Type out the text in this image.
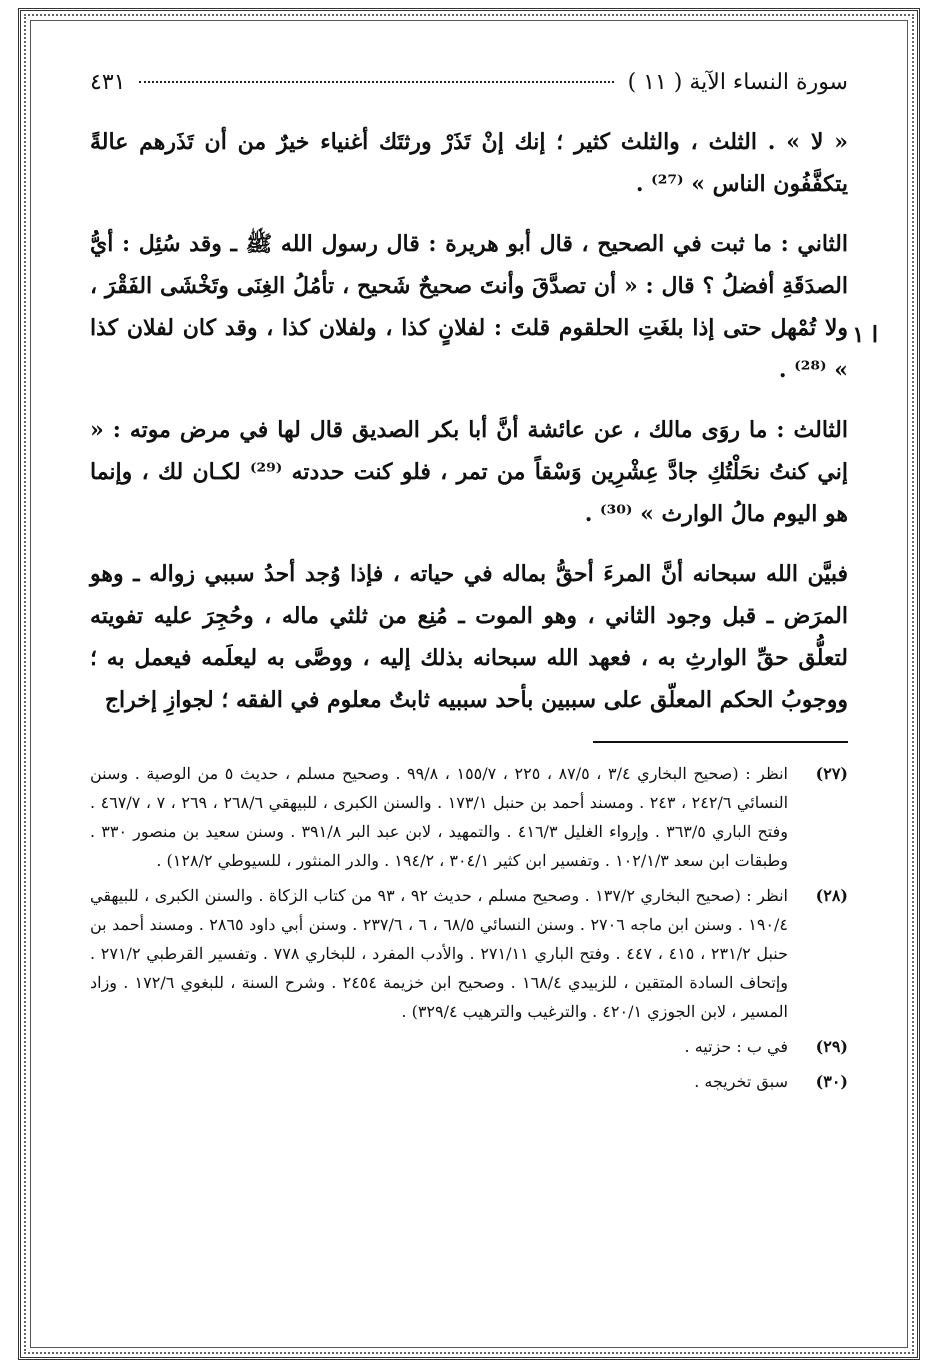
سورة النساء الآية ( ١١ )
٤٣١
ا ١

« لا » . الثلث ، والثلث كثير ؛ إنك إنْ تَذَرْ ورثتَك أغنياء خيرٌ من أن تَذَرهم عالةً يتكفَّفُون الناس » ⁽²⁷⁾ .

الثاني : ما ثبت في الصحيح ، قال أبو هريرة : قال رسول الله ﷺ ـ وقد سُئِل : أيُّ الصدَقَةِ أفضلُ ؟ قال : « أن تصدَّقَ وأنتَ صحيحٌ شَحيح ، تأمُلُ الغِنَى وتَخْشَى الفَقْرَ ، ولا تُمْهل حتى إذا بلغَتِ الحلقوم قلتَ : لفلانٍ كذا ، ولفلان كذا ، وقد كان لفلان كذا » ⁽²⁸⁾ .

الثالث : ما روَى مالك ، عن عائشة أنَّ أبا بكر الصديق قال لها في مرض موته : « إني كنتُ نحَلْتُكِ جادَّ عِشْرِين وَسْقاً من تمر ، فلو كنت حددته ⁽²⁹⁾ لكـان لك ، وإنما هو اليوم مالُ الوارث » ⁽³⁰⁾ .

فبيَّن الله سبحانه أنَّ المرءَ أحقُّ بماله في حياته ، فإذا وُجد أحدُ سببي زواله ـ وهو المرَض ـ قبل وجود الثاني ، وهو الموت ـ مُنِع من ثلثي ماله ، وحُجِرَ عليه تفويته لتعلُّق حقِّ الوارثِ به ، فعهد الله سبحانه بذلك إليه ، ووصَّى به ليعلَمه فيعمل به ؛ ووجوبُ الحكم المعلّق على سببين بأحد سببيه ثابتٌ معلوم في الفقه ؛ لجوازِ إخراج

(٢٧)
انظر : (صحيح البخاري ٣/٤ ، ٨٧/٥ ، ٢٢٥ ، ١٥٥/٧ ، ٩٩/٨ . وصحيح مسلم ، حديث ٥ من الوصية . وسنن النسائي ٢٤٢/٦ ، ٢٤٣ . ومسند أحمد بن حنبل ١٧٣/١ . والسنن الكبرى ، للبيهقي ٢٦٨/٦ ، ٢٦٩ ، ٧ ، ٤٦٧/٧ . وفتح الباري ٣٦٣/٥ . وإرواء الغليل ٤١٦/٣ . والتمهيد ، لابن عبد البر ٣٩١/٨ . وسنن سعيد بن منصور ٣٣٠ . وطبقات ابن سعد ١٠٢/١/٣ . وتفسير ابن كثير ٣٠٤/١ ، ١٩٤/٢ . والدر المنثور ، للسيوطي ١٢٨/٢) .
(٢٨)
انظر : (صحيح البخاري ١٣٧/٢ . وصحيح مسلم ، حديث ٩٢ ، ٩٣ من كتاب الزكاة . والسنن الكبرى ، للبيهقي ١٩٠/٤ . وسنن ابن ماجه ٢٧٠٦ . وسنن النسائي ٦٨/٥ ، ٦ ، ٢٣٧/٦ . وسنن أبي داود ٢٨٦٥ . ومسند أحمد بن حنبل ٢٣١/٢ ، ٤١٥ ، ٤٤٧ . وفتح الباري ٢٧١/١١ . والأدب المفرد ، للبخاري ٧٧٨ . وتفسير القرطبي ٢٧١/٢ . وإتحاف السادة المتقين ، للزبيدي ١٦٨/٤ . وصحيح ابن خزيمة ٢٤٥٤ . وشرح السنة ، للبغوي ١٧٢/٦ . وزاد المسير ، لابن الجوزي ٤٢٠/١ . والترغيب والترهيب ٣٢٩/٤) .
(٢٩)
في ب : حزتيه .
(٣٠)
سبق تخريجه .
